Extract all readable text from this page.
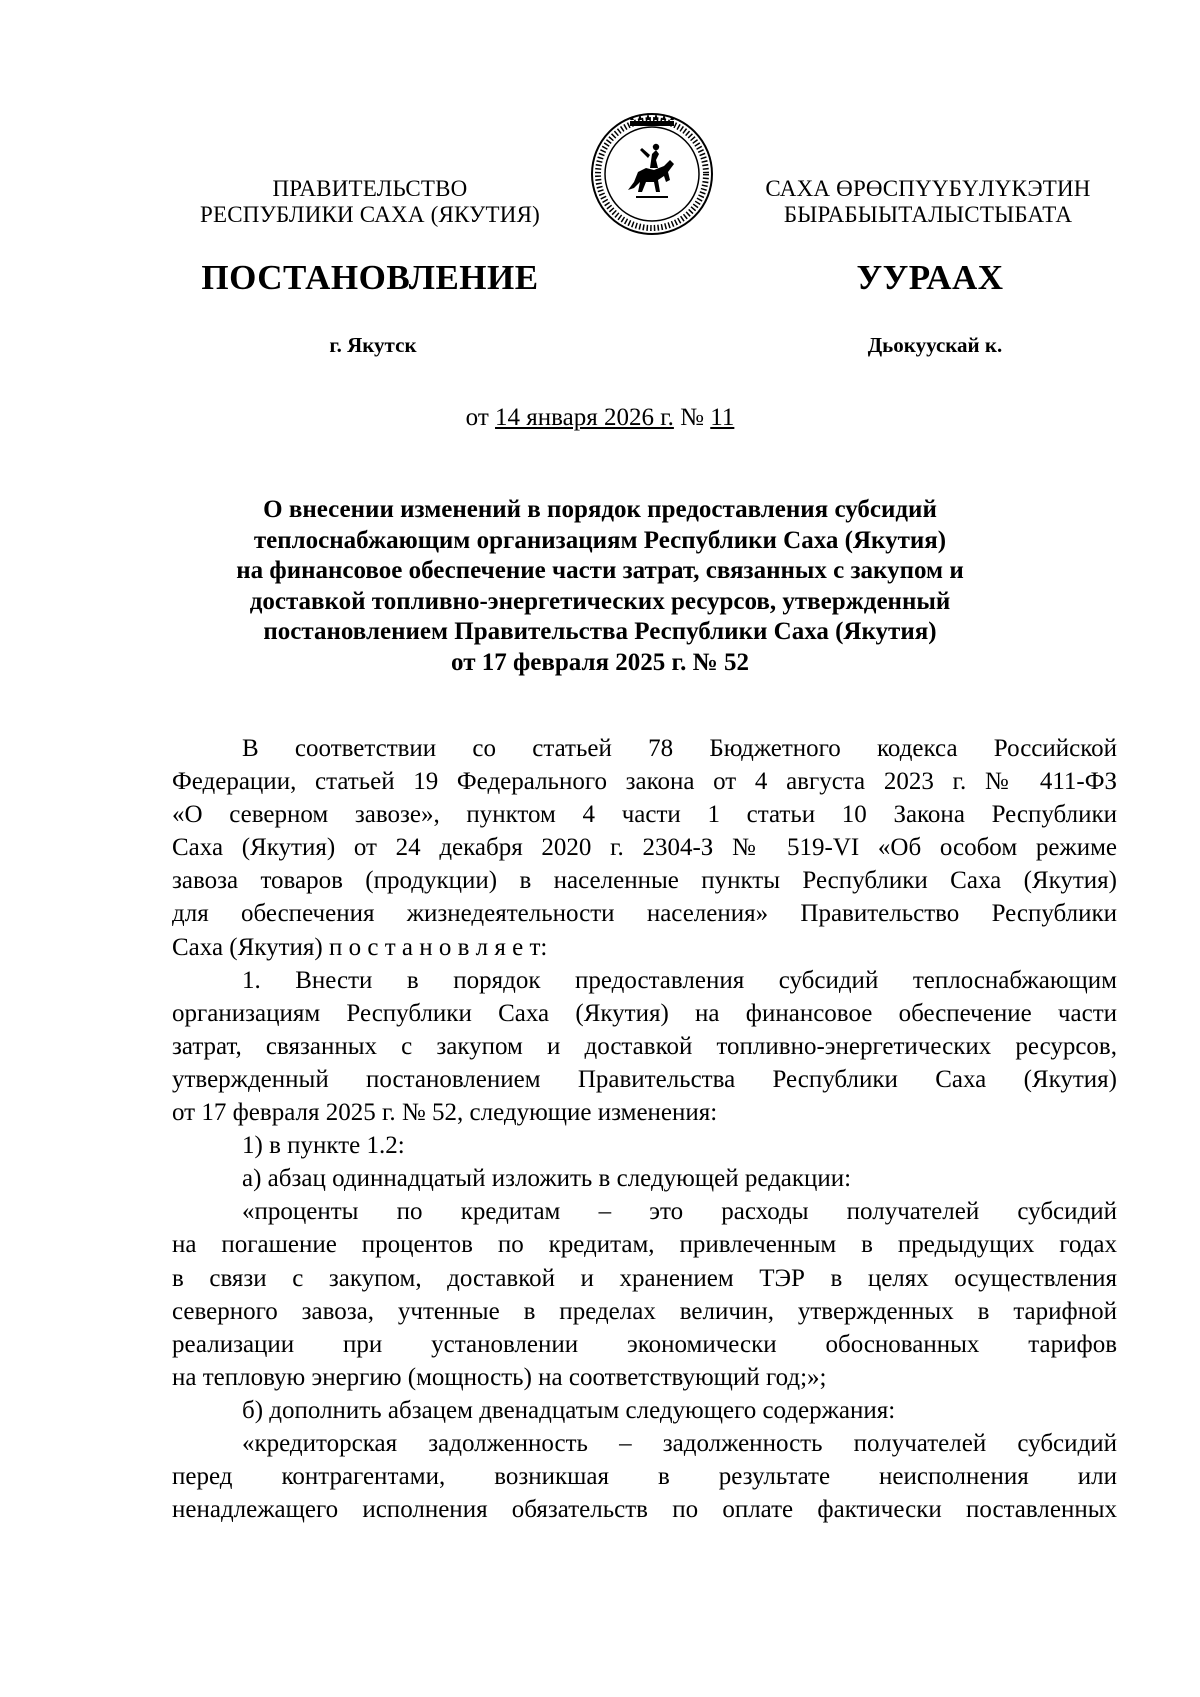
ПРАВИТЕЛЬСТВО
РЕСПУБЛИКИ САХА (ЯКУТИЯ)
САХА ӨРӨСПҮҮБҮЛҮКЭТИН
БЫРАБЫЫТАЛЫСТЫБАТА
ПОСТАНОВЛЕНИЕ	УУРААХ
г. Якутск	Дьокуускай к.
от 14 января 2026 г. № 11
О внесении изменений в порядок предоставления субсидий
теплоснабжающим организациям Республики Саха (Якутия)
на финансовое обеспечение части затрат, связанных с закупом и
доставкой топливно-энергетических ресурсов, утвержденный
постановлением Правительства Республики Саха (Якутия)
от 17 февраля 2025 г. № 52
В соответствии со статьей 78 Бюджетного кодекса Российской
Федерации, статьей 19 Федерального закона от 4 августа 2023 г. № 411-ФЗ
«О северном завозе», пунктом 4 части 1 статьи 10 Закона Республики
Саха (Якутия) от 24 декабря 2020 г. 2304-З № 519-VI «Об особом режиме
завоза товаров (продукции) в населенные пункты Республики Саха (Якутия)
для обеспечения жизнедеятельности населения» Правительство Республики
Саха (Якутия) п о с т а н о в л я е т:
1. Внести в порядок предоставления субсидий теплоснабжающим
организациям Республики Саха (Якутия) на финансовое обеспечение части
затрат, связанных с закупом и доставкой топливно-энергетических ресурсов,
утвержденный постановлением Правительства Республики Саха (Якутия)
от 17 февраля 2025 г. № 52, следующие изменения:
1) в пункте 1.2:
а) абзац одиннадцатый изложить в следующей редакции:
«проценты по кредитам – это расходы получателей субсидий
на погашение процентов по кредитам, привлеченным в предыдущих годах
в связи с закупом, доставкой и хранением ТЭР в целях осуществления
северного завоза, учтенные в пределах величин, утвержденных в тарифной
реализации при установлении экономически обоснованных тарифов
на тепловую энергию (мощность) на соответствующий год;»;
б) дополнить абзацем двенадцатым следующего содержания:
«кредиторская задолженность – задолженность получателей субсидий
перед контрагентами, возникшая в результате неисполнения или
ненадлежащего исполнения обязательств по оплате фактически поставленных
